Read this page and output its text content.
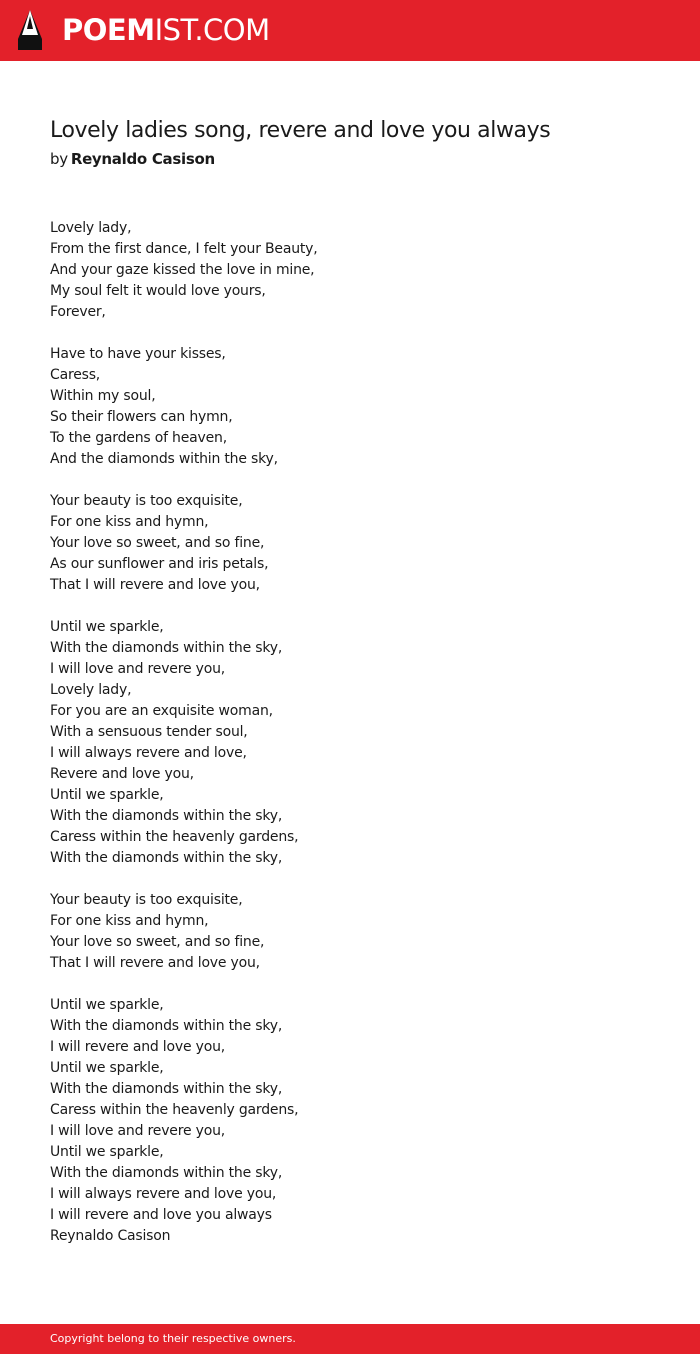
POEMIST.COM
Lovely ladies song, revere and love you always
by Reynaldo Casison
Lovely lady,
From the first dance, I felt your Beauty,
And your gaze kissed the love in mine,
My soul felt it would love yours,
Forever,
Have to have your kisses,
Caress,
Within my soul,
So their flowers can hymn,
To the gardens of heaven,
And the diamonds within the sky,
Your beauty is too exquisite,
For one kiss and hymn,
Your love so sweet, and so fine,
As our sunflower and iris petals,
That I will revere and love you,
Until we sparkle,
With the diamonds within the sky,
I will love and revere you,
Lovely lady,
For you are an exquisite woman,
With a sensuous tender soul,
I will always revere and love,
Revere and love you,
Until we sparkle,
With the diamonds within the sky,
Caress within the heavenly gardens,
With the diamonds within the sky,
Your beauty is too exquisite,
For one kiss and hymn,
Your love so sweet, and so fine,
That I will revere and love you,
Until we sparkle,
With the diamonds within the sky,
I will revere and love you,
Until we sparkle,
With the diamonds within the sky,
Caress within the heavenly gardens,
I will love and revere you,
Until we sparkle,
With the diamonds within the sky,
I will always revere and love you,
I will revere and love you always
Reynaldo Casison
Copyright belong to their respective owners.
